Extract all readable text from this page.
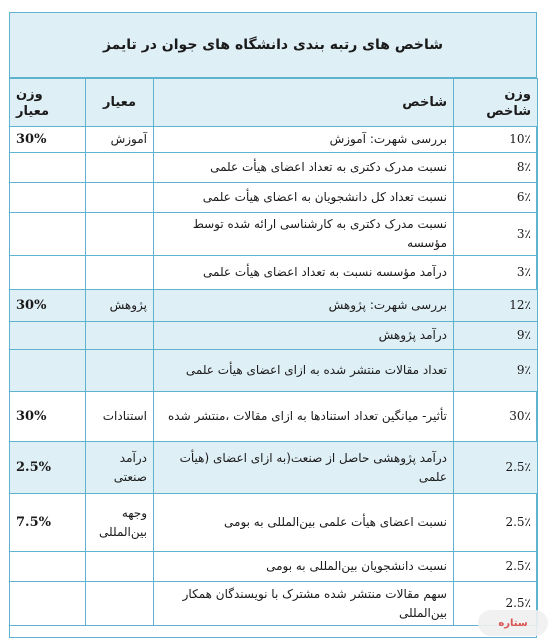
شاخص های رتبه بندی دانشگاه های جوان در تایمز
وزن شاخص	شاخص	معیار	وزن معیار
10٪	بررسی شهرت: آموزش	آموزش	30%
8٪	نسبت مدرک دکتری به تعداد اعضای هیأت علمی		
6٪	نسبت تعداد کل دانشجویان به اعضای هیأت علمی		
3٪	نسبت مدرک دکتری به کارشناسی ارائه شده توسط مؤسسه		
3٪	درآمد مؤسسه نسبت به تعداد اعضای هیأت علمی		
12٪	بررسی شهرت: پژوهش	پژوهش	30%
9٪	درآمد پژوهش		
9٪	تعداد مقالات منتشر شده به ازای اعضای هیأت علمی		
30٪	تأثیر- میانگین تعداد استنادها به ازای مقالات ،منتشر شده	استنادات	30%
2.5٪	درآمد پژوهشی حاصل از صنعت(به ازای اعضای (هیأت علمی	درآمد صنعتی	2.5%
2.5٪	نسبت اعضای هیأت علمی بین‌المللی به بومی	وجهه بین‌المللی	7.5%
2.5٪	نسبت دانشجویان بین‌المللی به بومی		
2.5٪	سهم مقالات منتشر شده مشترک با نویسندگان همکار بین‌المللی		
ستاره
